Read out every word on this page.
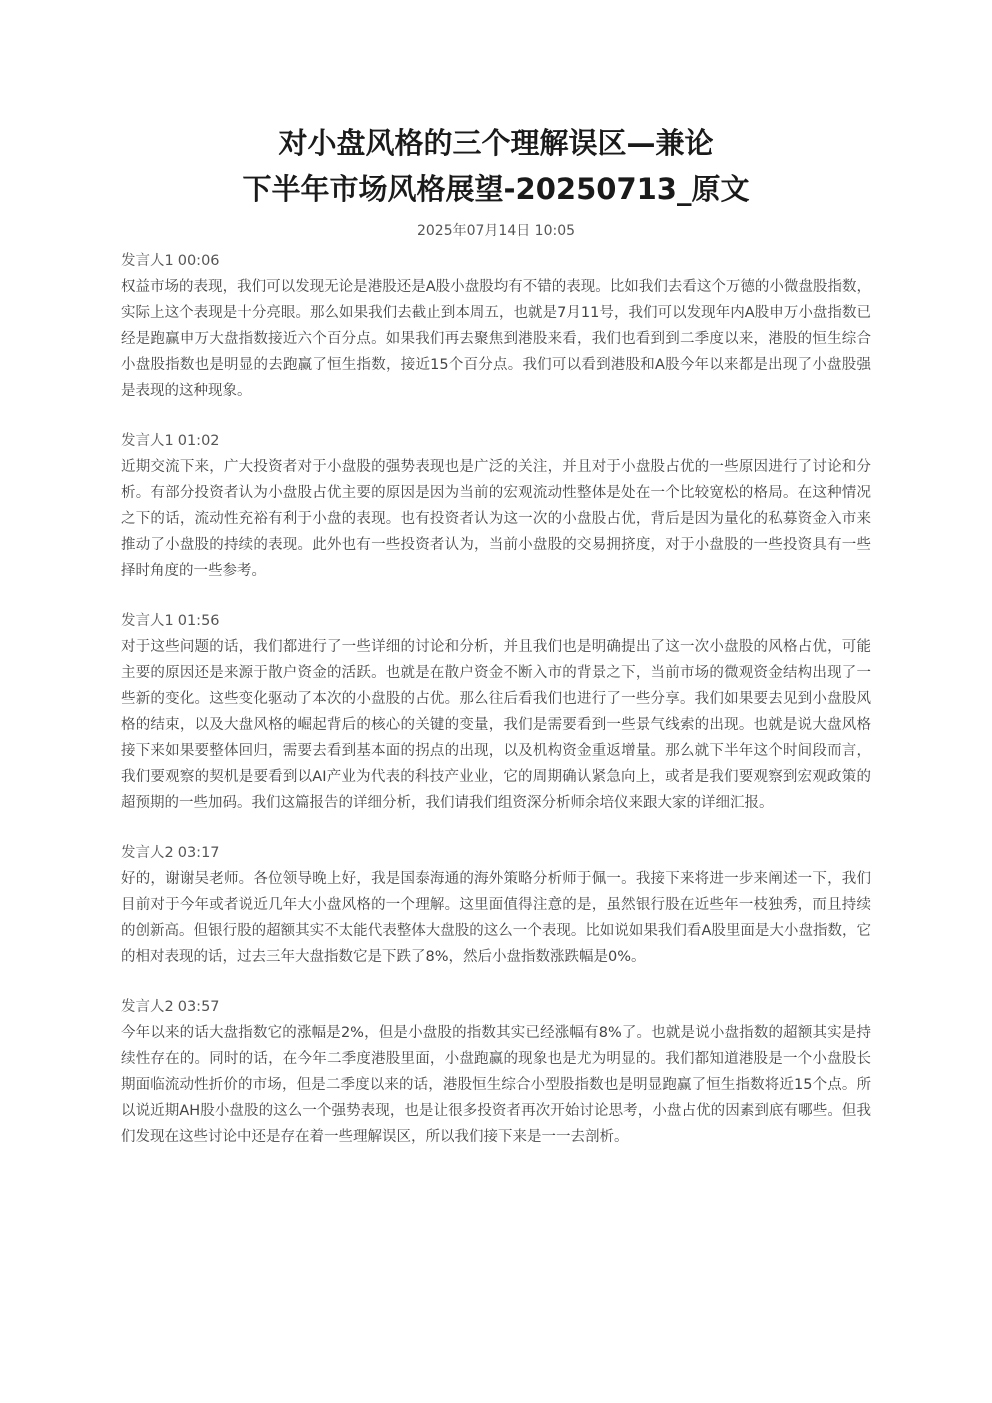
对小盘风格的三个理解误区—兼论
下半年市场风格展望-20250713_原文
2025年07月14日 10:05
发言人1 00:06
权益市场的表现，我们可以发现无论是港股还是A股小盘股均有不错的表现。比如我们去看这个万德的小微盘股指数，实际上这个表现是十分亮眼。那么如果我们去截止到本周五，也就是7月11号，我们可以发现年内A股申万小盘指数已经是跑赢申万大盘指数接近六个百分点。如果我们再去聚焦到港股来看，我们也看到到二季度以来，港股的恒生综合小盘股指数也是明显的去跑赢了恒生指数，接近15个百分点。我们可以看到港股和A股今年以来都是出现了小盘股强是表现的这种现象。
发言人1 01:02
近期交流下来，广大投资者对于小盘股的强势表现也是广泛的关注，并且对于小盘股占优的一些原因进行了讨论和分析。有部分投资者认为小盘股占优主要的原因是因为当前的宏观流动性整体是处在一个比较宽松的格局。在这种情况之下的话，流动性充裕有利于小盘的表现。也有投资者认为这一次的小盘股占优，背后是因为量化的私募资金入市来推动了小盘股的持续的表现。此外也有一些投资者认为，当前小盘股的交易拥挤度，对于小盘股的一些投资具有一些择时角度的一些参考。
发言人1 01:56
对于这些问题的话，我们都进行了一些详细的讨论和分析，并且我们也是明确提出了这一次小盘股的风格占优，可能主要的原因还是来源于散户资金的活跃。也就是在散户资金不断入市的背景之下，当前市场的微观资金结构出现了一些新的变化。这些变化驱动了本次的小盘股的占优。那么往后看我们也进行了一些分享。我们如果要去见到小盘股风格的结束，以及大盘风格的崛起背后的核心的关键的变量，我们是需要看到一些景气线索的出现。也就是说大盘风格接下来如果要整体回归，需要去看到基本面的拐点的出现，以及机构资金重返增量。那么就下半年这个时间段而言，我们要观察的契机是要看到以AI产业为代表的科技产业业，它的周期确认紧急向上，或者是我们要观察到宏观政策的超预期的一些加码。我们这篇报告的详细分析，我们请我们组资深分析师余培仪来跟大家的详细汇报。
发言人2 03:17
好的，谢谢吴老师。各位领导晚上好，我是国泰海通的海外策略分析师于佩一。我接下来将进一步来阐述一下，我们目前对于今年或者说近几年大小盘风格的一个理解。这里面值得注意的是，虽然银行股在近些年一枝独秀，而且持续的创新高。但银行股的超额其实不太能代表整体大盘股的这么一个表现。比如说如果我们看A股里面是大小盘指数，它的相对表现的话，过去三年大盘指数它是下跌了8%，然后小盘指数涨跌幅是0%。
发言人2 03:57
今年以来的话大盘指数它的涨幅是2%，但是小盘股的指数其实已经涨幅有8%了。也就是说小盘指数的超额其实是持续性存在的。同时的话，在今年二季度港股里面，小盘跑赢的现象也是尤为明显的。我们都知道港股是一个小盘股长期面临流动性折价的市场，但是二季度以来的话，港股恒生综合小型股指数也是明显跑赢了恒生指数将近15个点。所以说近期AH股小盘股的这么一个强势表现，也是让很多投资者再次开始讨论思考，小盘占优的因素到底有哪些。但我们发现在这些讨论中还是存在着一些理解误区，所以我们接下来是一一去剖析。
